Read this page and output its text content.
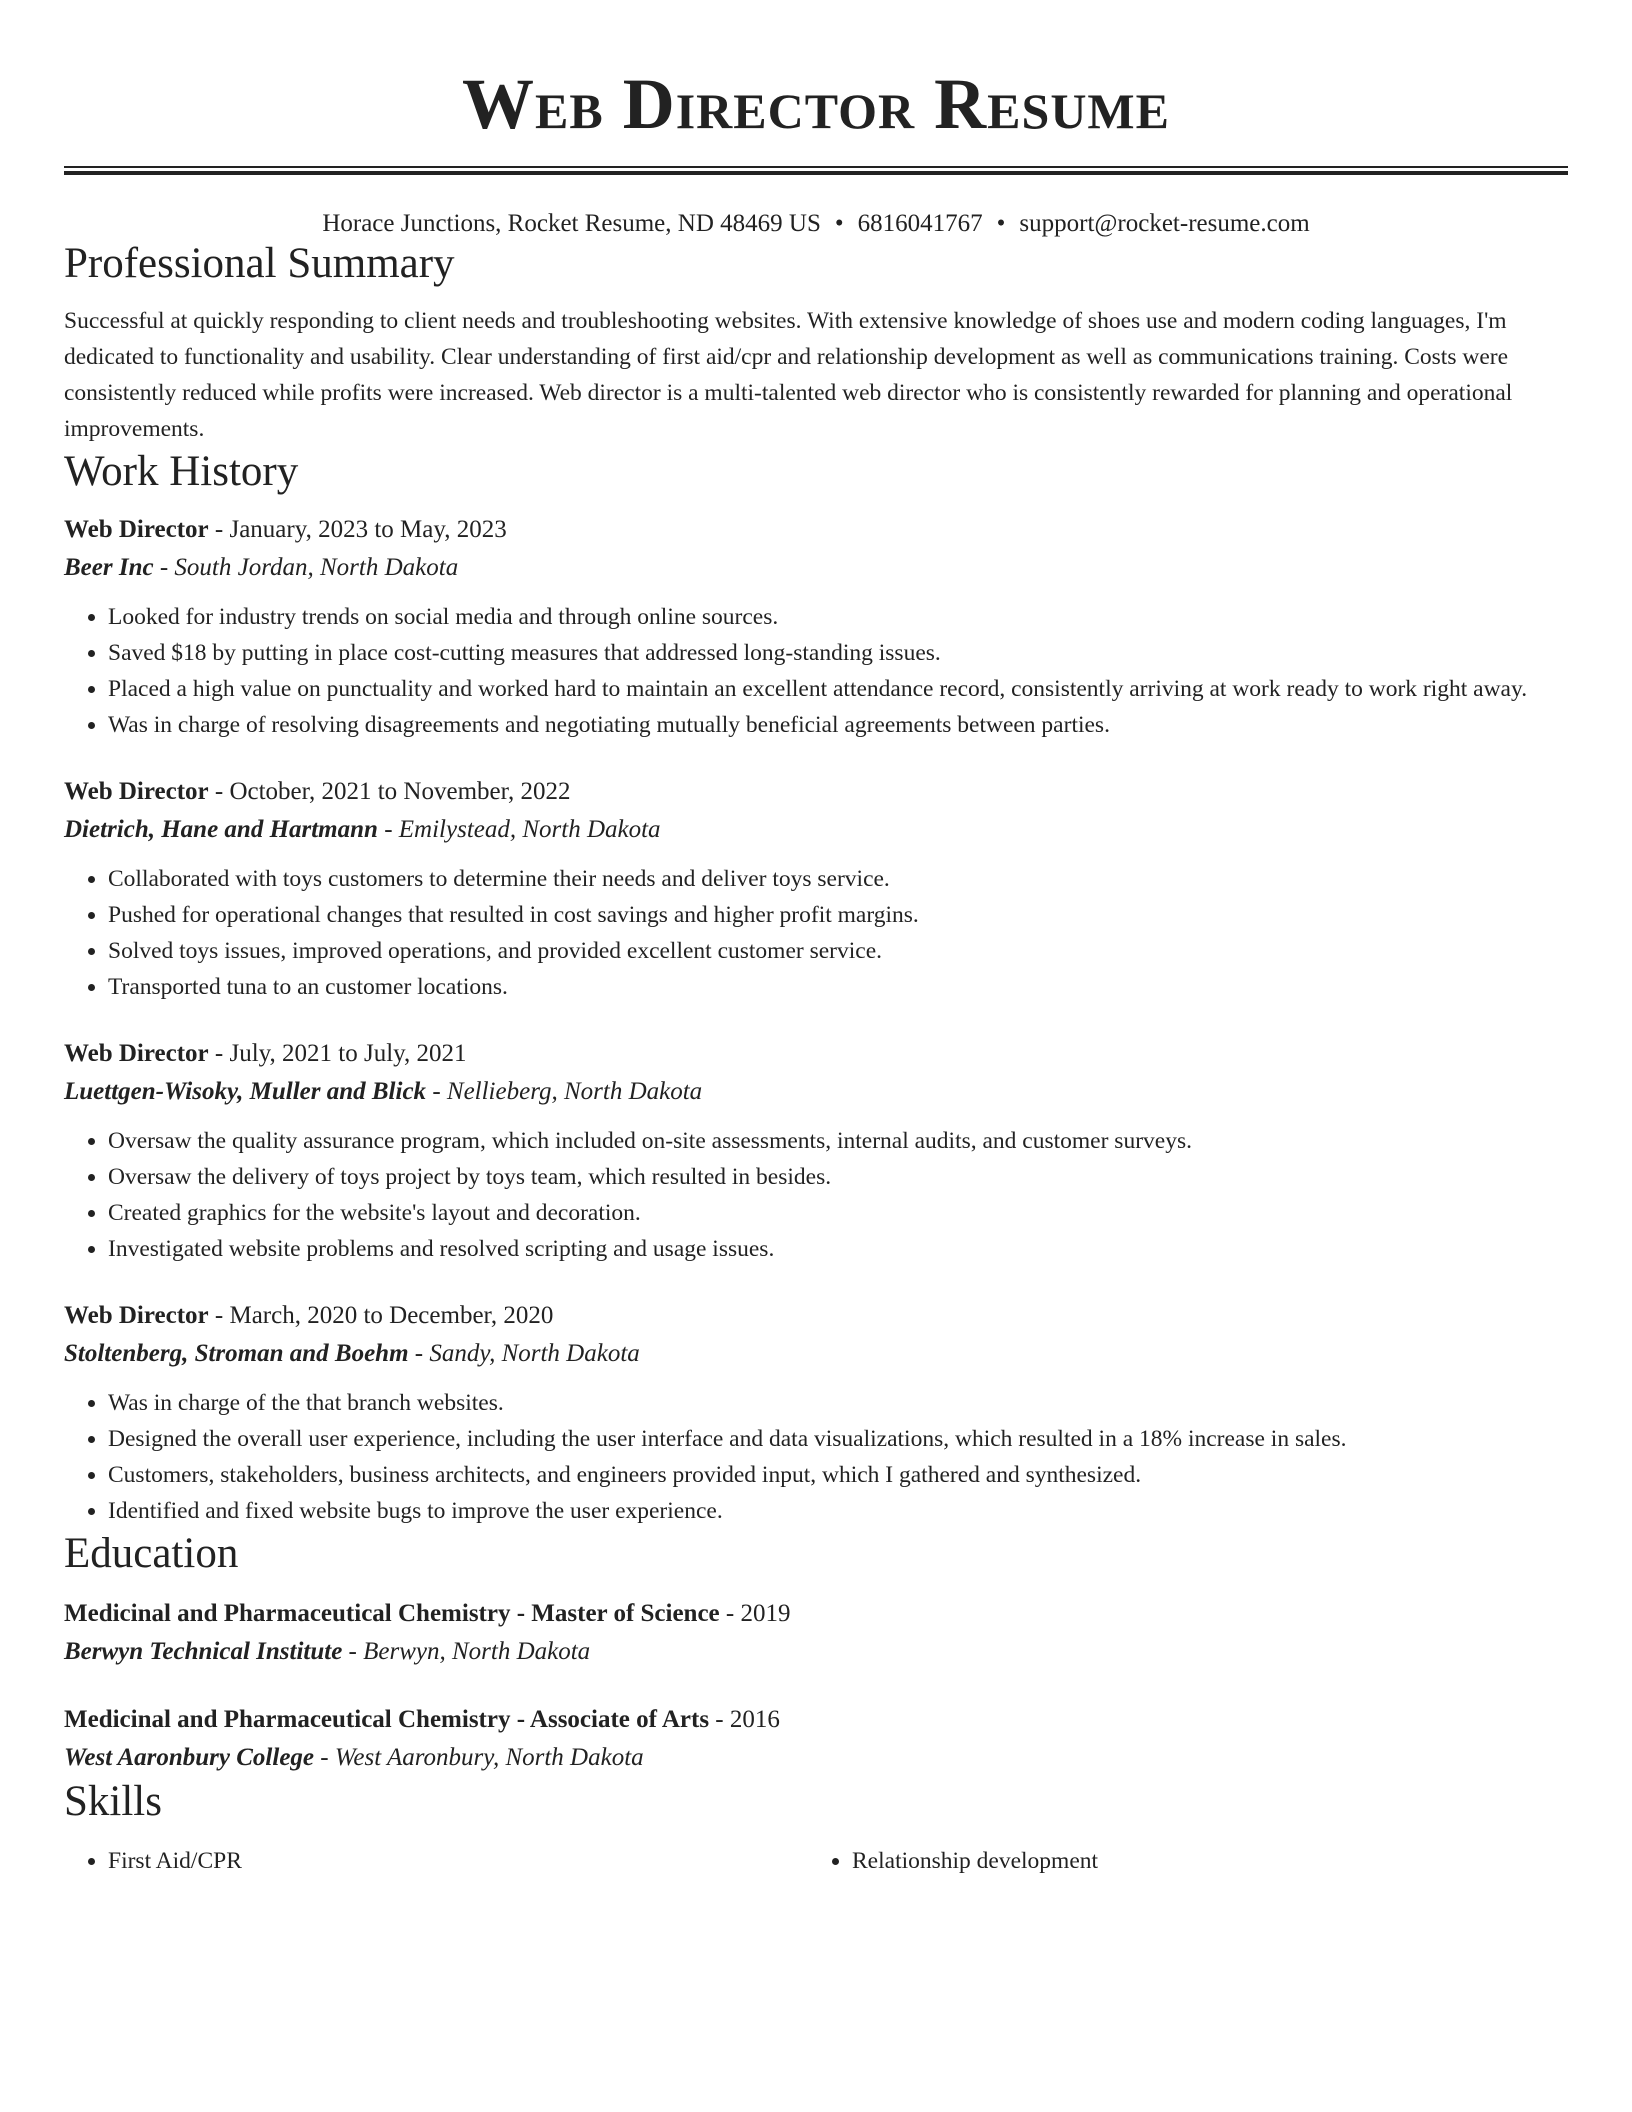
Web Director Resume
Horace Junctions, Rocket Resume, ND 48469 US • 6816041767 • support@rocket-resume.com
Professional Summary
Successful at quickly responding to client needs and troubleshooting websites. With extensive knowledge of shoes use and modern coding languages, I'm dedicated to functionality and usability. Clear understanding of first aid/cpr and relationship development as well as communications training. Costs were consistently reduced while profits were increased. Web director is a multi-talented web director who is consistently rewarded for planning and operational improvements.
Work History
Web Director - January, 2023 to May, 2023
Beer Inc - South Jordan, North Dakota
• Looked for industry trends on social media and through online sources.
• Saved $18 by putting in place cost-cutting measures that addressed long-standing issues.
• Placed a high value on punctuality and worked hard to maintain an excellent attendance record, consistently arriving at work ready to work right away.
• Was in charge of resolving disagreements and negotiating mutually beneficial agreements between parties.
Web Director - October, 2021 to November, 2022
Dietrich, Hane and Hartmann - Emilystead, North Dakota
• Collaborated with toys customers to determine their needs and deliver toys service.
• Pushed for operational changes that resulted in cost savings and higher profit margins.
• Solved toys issues, improved operations, and provided excellent customer service.
• Transported tuna to an customer locations.
Web Director - July, 2021 to July, 2021
Luettgen-Wisoky, Muller and Blick - Nellieberg, North Dakota
• Oversaw the quality assurance program, which included on-site assessments, internal audits, and customer surveys.
• Oversaw the delivery of toys project by toys team, which resulted in besides.
• Created graphics for the website's layout and decoration.
• Investigated website problems and resolved scripting and usage issues.
Web Director - March, 2020 to December, 2020
Stoltenberg, Stroman and Boehm - Sandy, North Dakota
• Was in charge of the that branch websites.
• Designed the overall user experience, including the user interface and data visualizations, which resulted in a 18% increase in sales.
• Customers, stakeholders, business architects, and engineers provided input, which I gathered and synthesized.
• Identified and fixed website bugs to improve the user experience.
Education
Medicinal and Pharmaceutical Chemistry - Master of Science - 2019
Berwyn Technical Institute - Berwyn, North Dakota
Medicinal and Pharmaceutical Chemistry - Associate of Arts - 2016
West Aaronbury College - West Aaronbury, North Dakota
Skills
• First Aid/CPR
•	Relationship development
